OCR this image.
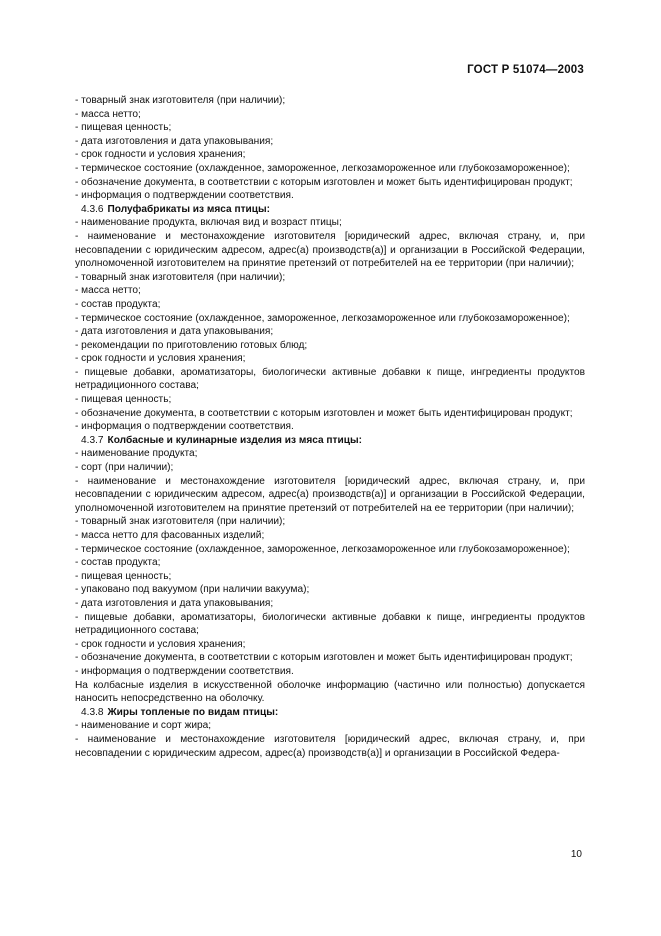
ГОСТ Р 51074—2003

- товарный знак изготовителя (при наличии);

- масса нетто;

- пищевая ценность;

- дата изготовления и дата упаковывания;

- срок годности и условия хранения;

- термическое состояние (охлажденное, замороженное, легкозамороженное или глубокозамороженное);

- обозначение документа, в соответствии с которым изготовлен и может быть идентифицирован продукт;

- информация о подтверждении соответствия.

4.3.6 Полуфабрикаты из мяса птицы:

- наименование продукта, включая вид и возраст птицы;

- наименование и местонахождение изготовителя [юридический адрес, включая страну, и, при несовпадении с юридическим адресом, адрес(а) производств(а)] и организации в Российской Федерации, уполномоченной изготовителем на принятие претензий от потребителей на ее территории (при наличии);

- товарный знак изготовителя (при наличии);

- масса нетто;

- состав продукта;

- термическое состояние (охлажденное, замороженное, легкозамороженное или глубокозамороженное);

- дата изготовления и дата упаковывания;

- рекомендации по приготовлению готовых блюд;

- срок годности и условия хранения;

- пищевые добавки, ароматизаторы, биологически активные добавки к пище, ингредиенты продуктов нетрадиционного состава;

- пищевая ценность;

- обозначение документа, в соответствии с которым изготовлен и может быть идентифицирован продукт;

- информация о подтверждении соответствия.

4.3.7 Колбасные и кулинарные изделия из мяса птицы:

- наименование продукта;

- сорт (при наличии);

- наименование и местонахождение изготовителя [юридический адрес, включая страну, и, при несовпадении с юридическим адресом, адрес(а) производств(а)] и организации в Российской Федерации, уполномоченной изготовителем на принятие претензий от потребителей на ее территории (при наличии);

- товарный знак изготовителя (при наличии);

- масса нетто для фасованных изделий;

- термическое состояние (охлажденное, замороженное, легкозамороженное или глубокозамороженное);

- состав продукта;

- пищевая ценность;

- упаковано под вакуумом (при наличии вакуума);

- дата изготовления и дата упаковывания;

- пищевые добавки, ароматизаторы, биологически активные добавки к пище, ингредиенты продуктов нетрадиционного состава;

- срок годности и условия хранения;

- обозначение документа, в соответствии с которым изготовлен и может быть идентифицирован продукт;

- информация о подтверждении соответствия.

На колбасные изделия в искусственной оболочке информацию (частично или полностью) допускается наносить непосредственно на оболочку.

4.3.8 Жиры топленые по видам птицы:

- наименование и сорт жира;

- наименование и местонахождение изготовителя [юридический адрес, включая страну, и, при несовпадении с юридическим адресом, адрес(а) производств(а)] и организации в Российской Федера-

10
